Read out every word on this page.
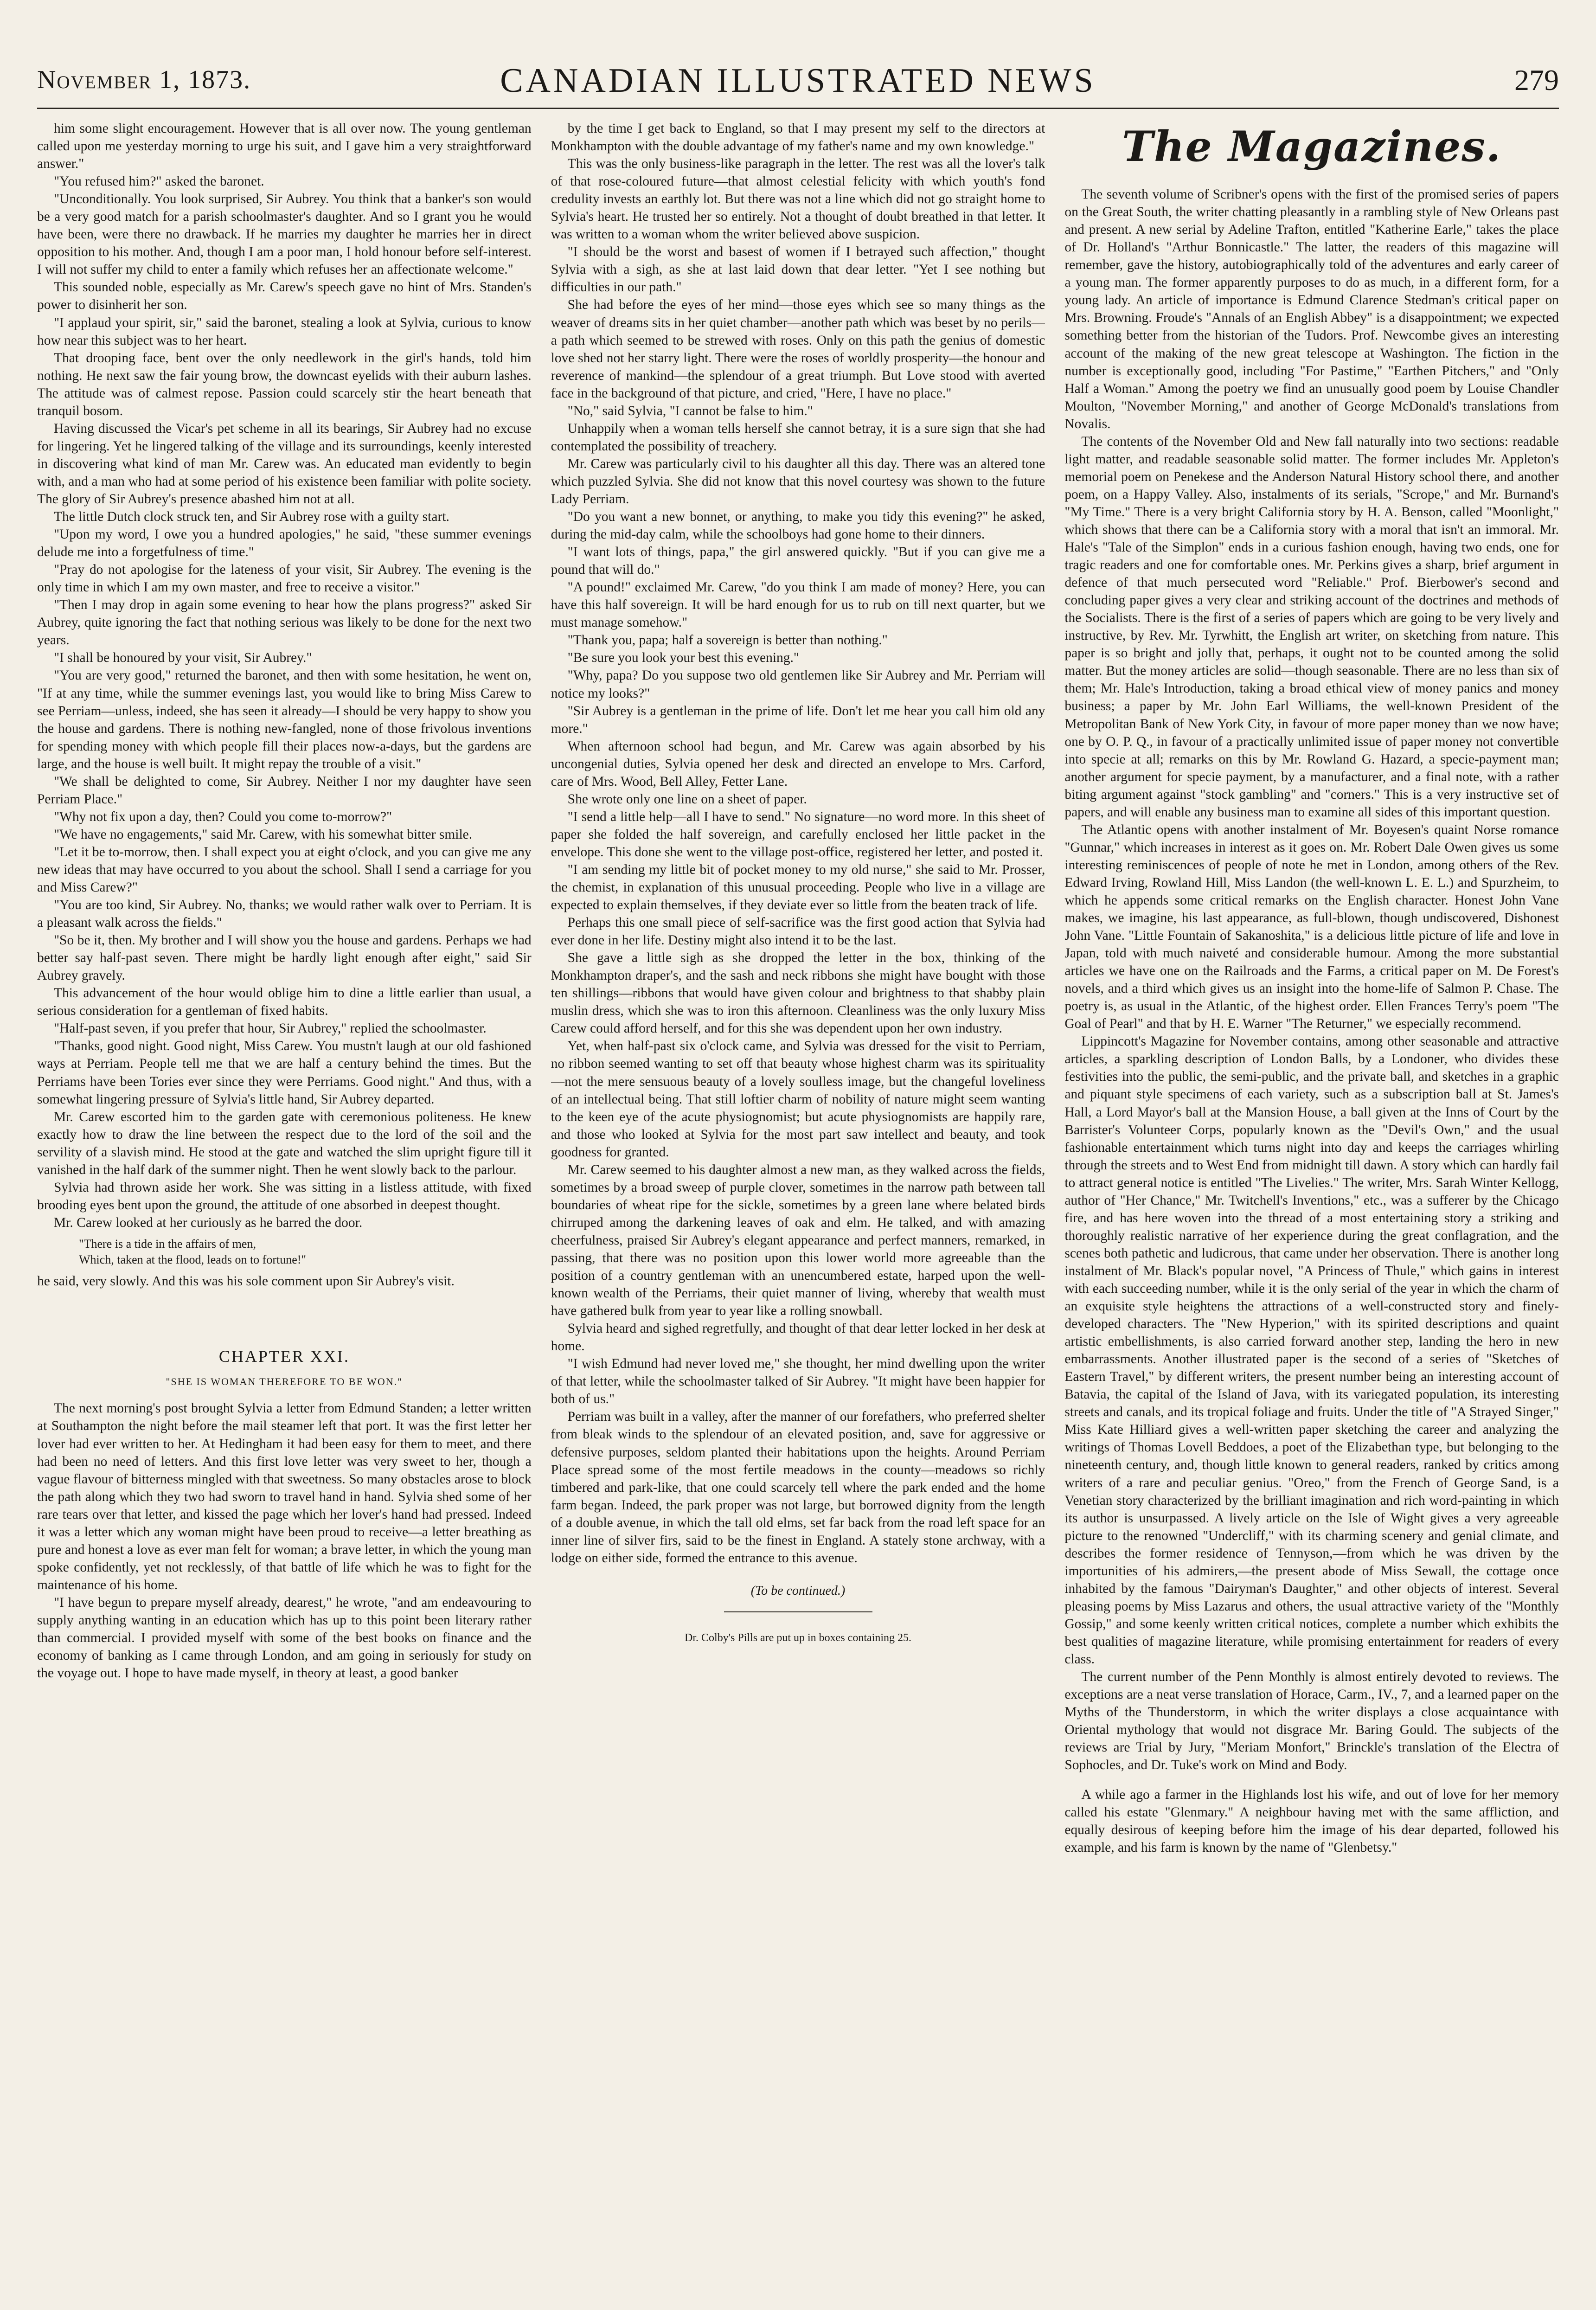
November 1, 1873.	CANADIAN ILLUSTRATED NEWS	279

him some slight encouragement. However that is all over now. The young gentleman called upon me yesterday morning to urge his suit, and I gave him a very straightforward answer."

"You refused him?" asked the baronet.

"Unconditionally. You look surprised, Sir Aubrey. You think that a banker's son would be a very good match for a parish schoolmaster's daughter. And so I grant you he would have been, were there no drawback. If he marries my daughter he marries her in direct opposition to his mother. And, though I am a poor man, I hold honour before self-interest. I will not suffer my child to enter a family which refuses her an affectionate welcome."

This sounded noble, especially as Mr. Carew's speech gave no hint of Mrs. Standen's power to disinherit her son.

"I applaud your spirit, sir," said the baronet, stealing a look at Sylvia, curious to know how near this subject was to her heart.

That drooping face, bent over the only needlework in the girl's hands, told him nothing. He next saw the fair young brow, the downcast eyelids with their auburn lashes. The attitude was of calmest repose. Passion could scarcely stir the heart beneath that tranquil bosom.

Having discussed the Vicar's pet scheme in all its bearings, Sir Aubrey had no excuse for lingering. Yet he lingered talking of the village and its surroundings, keenly interested in discovering what kind of man Mr. Carew was. An educated man evidently to begin with, and a man who had at some period of his existence been familiar with polite society. The glory of Sir Aubrey's presence abashed him not at all.

The little Dutch clock struck ten, and Sir Aubrey rose with a guilty start.

"Upon my word, I owe you a hundred apologies," he said, "these summer evenings delude me into a forgetfulness of time."

"Pray do not apologise for the lateness of your visit, Sir Aubrey. The evening is the only time in which I am my own master, and free to receive a visitor."

"Then I may drop in again some evening to hear how the plans progress?" asked Sir Aubrey, quite ignoring the fact that nothing serious was likely to be done for the next two years.

"I shall be honoured by your visit, Sir Aubrey."

"You are very good," returned the baronet, and then with some hesitation, he went on, "If at any time, while the summer evenings last, you would like to bring Miss Carew to see Perriam—unless, indeed, she has seen it already—I should be very happy to show you the house and gardens. There is nothing new-fangled, none of those frivolous inventions for spending money with which people fill their places now-a-days, but the gardens are large, and the house is well built. It might repay the trouble of a visit."

"We shall be delighted to come, Sir Aubrey. Neither I nor my daughter have seen Perriam Place."

"Why not fix upon a day, then? Could you come to-morrow?"

"We have no engagements," said Mr. Carew, with his somewhat bitter smile.

"Let it be to-morrow, then. I shall expect you at eight o'clock, and you can give me any new ideas that may have occurred to you about the school. Shall I send a carriage for you and Miss Carew?"

"You are too kind, Sir Aubrey. No, thanks; we would rather walk over to Perriam. It is a pleasant walk across the fields."

"So be it, then. My brother and I will show you the house and gardens. Perhaps we had better say half-past seven. There might be hardly light enough after eight," said Sir Aubrey gravely.

This advancement of the hour would oblige him to dine a little earlier than usual, a serious consideration for a gentleman of fixed habits.

"Half-past seven, if you prefer that hour, Sir Aubrey," replied the schoolmaster.

"Thanks, good night. Good night, Miss Carew. You mustn't laugh at our old fashioned ways at Perriam. People tell me that we are half a century behind the times. But the Perriams have been Tories ever since they were Perriams. Good night." And thus, with a somewhat lingering pressure of Sylvia's little hand, Sir Aubrey departed.

Mr. Carew escorted him to the garden gate with ceremonious politeness. He knew exactly how to draw the line between the respect due to the lord of the soil and the servility of a slavish mind. He stood at the gate and watched the slim upright figure till it vanished in the half dark of the summer night. Then he went slowly back to the parlour.

Sylvia had thrown aside her work. She was sitting in a listless attitude, with fixed brooding eyes bent upon the ground, the attitude of one absorbed in deepest thought.

Mr. Carew looked at her curiously as he barred the door.

"There is a tide in the affairs of men,
Which, taken at the flood, leads on to fortune!"

he said, very slowly. And this was his sole comment upon Sir Aubrey's visit.

CHAPTER XXI.
"SHE IS WOMAN THEREFORE TO BE WON."

The next morning's post brought Sylvia a letter from Edmund Standen; a letter written at Southampton the night before the mail steamer left that port. It was the first letter her lover had ever written to her. At Hedingham it had been easy for them to meet, and there had been no need of letters. And this first love letter was very sweet to her, though a vague flavour of bitterness mingled with that sweetness. So many obstacles arose to block the path along which they two had sworn to travel hand in hand. Sylvia shed some of her rare tears over that letter, and kissed the page which her lover's hand had pressed. Indeed it was a letter which any woman might have been proud to receive—a letter breathing as pure and honest a love as ever man felt for woman; a brave letter, in which the young man spoke confidently, yet not recklessly, of that battle of life which he was to fight for the maintenance of his home.

"I have begun to prepare myself already, dearest," he wrote, "and am endeavouring to supply anything wanting in an education which has up to this point been literary rather than commercial. I provided myself with some of the best books on finance and the economy of banking as I came through London, and am going in seriously for study on the voyage out. I hope to have made myself, in theory at least, a good banker

by the time I get back to England, so that I may present my self to the directors at Monkhampton with the double advantage of my father's name and my own knowledge."

This was the only business-like paragraph in the letter. The rest was all the lover's talk of that rose-coloured future—that almost celestial felicity with which youth's fond credulity invests an earthly lot. But there was not a line which did not go straight home to Sylvia's heart. He trusted her so entirely. Not a thought of doubt breathed in that letter. It was written to a woman whom the writer believed above suspicion.

"I should be the worst and basest of women if I betrayed such affection," thought Sylvia with a sigh, as she at last laid down that dear letter. "Yet I see nothing but difficulties in our path."

She had before the eyes of her mind—those eyes which see so many things as the weaver of dreams sits in her quiet chamber—another path which was beset by no perils—a path which seemed to be strewed with roses. Only on this path the genius of domestic love shed not her starry light. There were the roses of worldly prosperity—the honour and reverence of mankind—the splendour of a great triumph. But Love stood with averted face in the background of that picture, and cried, "Here, I have no place."

"No," said Sylvia, "I cannot be false to him."

Unhappily when a woman tells herself she cannot betray, it is a sure sign that she had contemplated the possibility of treachery.

Mr. Carew was particularly civil to his daughter all this day. There was an altered tone which puzzled Sylvia. She did not know that this novel courtesy was shown to the future Lady Perriam.

"Do you want a new bonnet, or anything, to make you tidy this evening?" he asked, during the mid-day calm, while the schoolboys had gone home to their dinners.

"I want lots of things, papa," the girl answered quickly. "But if you can give me a pound that will do."

"A pound!" exclaimed Mr. Carew, "do you think I am made of money? Here, you can have this half sovereign. It will be hard enough for us to rub on till next quarter, but we must manage somehow."

"Thank you, papa; half a sovereign is better than nothing."

"Be sure you look your best this evening."

"Why, papa? Do you suppose two old gentlemen like Sir Aubrey and Mr. Perriam will notice my looks?"

"Sir Aubrey is a gentleman in the prime of life. Don't let me hear you call him old any more."

When afternoon school had begun, and Mr. Carew was again absorbed by his uncongenial duties, Sylvia opened her desk and directed an envelope to Mrs. Carford, care of Mrs. Wood, Bell Alley, Fetter Lane.

She wrote only one line on a sheet of paper.

"I send a little help—all I have to send." No signature—no word more. In this sheet of paper she folded the half sovereign, and carefully enclosed her little packet in the envelope. This done she went to the village post-office, registered her letter, and posted it.

"I am sending my little bit of pocket money to my old nurse," she said to Mr. Prosser, the chemist, in explanation of this unusual proceeding. People who live in a village are expected to explain themselves, if they deviate ever so little from the beaten track of life.

Perhaps this one small piece of self-sacrifice was the first good action that Sylvia had ever done in her life. Destiny might also intend it to be the last.

She gave a little sigh as she dropped the letter in the box, thinking of the Monkhampton draper's, and the sash and neck ribbons she might have bought with those ten shillings—ribbons that would have given colour and brightness to that shabby plain muslin dress, which she was to iron this afternoon. Cleanliness was the only luxury Miss Carew could afford herself, and for this she was dependent upon her own industry.

Yet, when half-past six o'clock came, and Sylvia was dressed for the visit to Perriam, no ribbon seemed wanting to set off that beauty whose highest charm was its spirituality—not the mere sensuous beauty of a lovely soulless image, but the changeful loveliness of an intellectual being. That still loftier charm of nobility of nature might seem wanting to the keen eye of the acute physiognomist; but acute physiognomists are happily rare, and those who looked at Sylvia for the most part saw intellect and beauty, and took goodness for granted.

Mr. Carew seemed to his daughter almost a new man, as they walked across the fields, sometimes by a broad sweep of purple clover, sometimes in the narrow path between tall boundaries of wheat ripe for the sickle, sometimes by a green lane where belated birds chirruped among the darkening leaves of oak and elm. He talked, and with amazing cheerfulness, praised Sir Aubrey's elegant appearance and perfect manners, remarked, in passing, that there was no position upon this lower world more agreeable than the position of a country gentleman with an unencumbered estate, harped upon the well-known wealth of the Perriams, their quiet manner of living, whereby that wealth must have gathered bulk from year to year like a rolling snowball.

Sylvia heard and sighed regretfully, and thought of that dear letter locked in her desk at home.

"I wish Edmund had never loved me," she thought, her mind dwelling upon the writer of that letter, while the schoolmaster talked of Sir Aubrey. "It might have been happier for both of us."

Perriam was built in a valley, after the manner of our forefathers, who preferred shelter from bleak winds to the splendour of an elevated position, and, save for aggressive or defensive purposes, seldom planted their habitations upon the heights. Around Perriam Place spread some of the most fertile meadows in the county—meadows so richly timbered and park-like, that one could scarcely tell where the park ended and the home farm began. Indeed, the park proper was not large, but borrowed dignity from the length of a double avenue, in which the tall old elms, set far back from the road left space for an inner line of silver firs, said to be the finest in England. A stately stone archway, with a lodge on either side, formed the entrance to this avenue.

(To be continued.)
Dr. Colby's Pills are put up in boxes containing 25.
The Magazines.

The seventh volume of Scribner's opens with the first of the promised series of papers on the Great South, the writer chatting pleasantly in a rambling style of New Orleans past and present. A new serial by Adeline Trafton, entitled "Katherine Earle," takes the place of Dr. Holland's "Arthur Bonnicastle." The latter, the readers of this magazine will remember, gave the history, autobiographically told of the adventures and early career of a young man. The former apparently purposes to do as much, in a different form, for a young lady. An article of importance is Edmund Clarence Stedman's critical paper on Mrs. Browning. Froude's "Annals of an English Abbey" is a disappointment; we expected something better from the historian of the Tudors. Prof. Newcombe gives an interesting account of the making of the new great telescope at Washington. The fiction in the number is exceptionally good, including "For Pastime," "Earthen Pitchers," and "Only Half a Woman." Among the poetry we find an unusually good poem by Louise Chandler Moulton, "November Morning," and another of George McDonald's translations from Novalis.

The contents of the November Old and New fall naturally into two sections: readable light matter, and readable seasonable solid matter. The former includes Mr. Appleton's memorial poem on Penekese and the Anderson Natural History school there, and another poem, on a Happy Valley. Also, instalments of its serials, "Scrope," and Mr. Burnand's "My Time." There is a very bright California story by H. A. Benson, called "Moonlight," which shows that there can be a California story with a moral that isn't an immoral. Mr. Hale's "Tale of the Simplon" ends in a curious fashion enough, having two ends, one for tragic readers and one for comfortable ones. Mr. Perkins gives a sharp, brief argument in defence of that much persecuted word "Reliable." Prof. Bierbower's second and concluding paper gives a very clear and striking account of the doctrines and methods of the Socialists. There is the first of a series of papers which are going to be very lively and instructive, by Rev. Mr. Tyrwhitt, the English art writer, on sketching from nature. This paper is so bright and jolly that, perhaps, it ought not to be counted among the solid matter. But the money articles are solid—though seasonable. There are no less than six of them; Mr. Hale's Introduction, taking a broad ethical view of money panics and money business; a paper by Mr. John Earl Williams, the well-known President of the Metropolitan Bank of New York City, in favour of more paper money than we now have; one by O. P. Q., in favour of a practically unlimited issue of paper money not convertible into specie at all; remarks on this by Mr. Rowland G. Hazard, a specie-payment man; another argument for specie payment, by a manufacturer, and a final note, with a rather biting argument against "stock gambling" and "corners." This is a very instructive set of papers, and will enable any business man to examine all sides of this important question.

The Atlantic opens with another instalment of Mr. Boyesen's quaint Norse romance "Gunnar," which increases in interest as it goes on. Mr. Robert Dale Owen gives us some interesting reminiscences of people of note he met in London, among others of the Rev. Edward Irving, Rowland Hill, Miss Landon (the well-known L. E. L.) and Spurzheim, to which he appends some critical remarks on the English character. Honest John Vane makes, we imagine, his last appearance, as full-blown, though undiscovered, Dishonest John Vane. "Little Fountain of Sakanoshita," is a delicious little picture of life and love in Japan, told with much naiveté and considerable humour. Among the more substantial articles we have one on the Railroads and the Farms, a critical paper on M. De Forest's novels, and a third which gives us an insight into the home-life of Salmon P. Chase. The poetry is, as usual in the Atlantic, of the highest order. Ellen Frances Terry's poem "The Goal of Pearl" and that by H. E. Warner "The Returner," we especially recommend.

Lippincott's Magazine for November contains, among other seasonable and attractive articles, a sparkling description of London Balls, by a Londoner, who divides these festivities into the public, the semi-public, and the private ball, and sketches in a graphic and piquant style specimens of each variety, such as a subscription ball at St. James's Hall, a Lord Mayor's ball at the Mansion House, a ball given at the Inns of Court by the Barrister's Volunteer Corps, popularly known as the "Devil's Own," and the usual fashionable entertainment which turns night into day and keeps the carriages whirling through the streets and to West End from midnight till dawn. A story which can hardly fail to attract general notice is entitled "The Livelies." The writer, Mrs. Sarah Winter Kellogg, author of "Her Chance," Mr. Twitchell's Inventions," etc., was a sufferer by the Chicago fire, and has here woven into the thread of a most entertaining story a striking and thoroughly realistic narrative of her experience during the great conflagration, and the scenes both pathetic and ludicrous, that came under her observation. There is another long instalment of Mr. Black's popular novel, "A Princess of Thule," which gains in interest with each succeeding number, while it is the only serial of the year in which the charm of an exquisite style heightens the attractions of a well-constructed story and finely-developed characters. The "New Hyperion," with its spirited descriptions and quaint artistic embellishments, is also carried forward another step, landing the hero in new embarrassments. Another illustrated paper is the second of a series of "Sketches of Eastern Travel," by different writers, the present number being an interesting account of Batavia, the capital of the Island of Java, with its variegated population, its interesting streets and canals, and its tropical foliage and fruits. Under the title of "A Strayed Singer," Miss Kate Hilliard gives a well-written paper sketching the career and analyzing the writings of Thomas Lovell Beddoes, a poet of the Elizabethan type, but belonging to the nineteenth century, and, though little known to general readers, ranked by critics among writers of a rare and peculiar genius. "Oreo," from the French of George Sand, is a Venetian story characterized by the brilliant imagination and rich word-painting in which its author is unsurpassed. A lively article on the Isle of Wight gives a very agreeable picture to the renowned "Undercliff," with its charming scenery and genial climate, and describes the former residence of Tennyson,—from which he was driven by the importunities of his admirers,—the present abode of Miss Sewall, the cottage once inhabited by the famous "Dairyman's Daughter," and other objects of interest. Several pleasing poems by Miss Lazarus and others, the usual attractive variety of the "Monthly Gossip," and some keenly written critical notices, complete a number which exhibits the best qualities of magazine literature, while promising entertainment for readers of every class.

The current number of the Penn Monthly is almost entirely devoted to reviews. The exceptions are a neat verse translation of Horace, Carm., IV., 7, and a learned paper on the Myths of the Thunderstorm, in which the writer displays a close acquaintance with Oriental mythology that would not disgrace Mr. Baring Gould. The subjects of the reviews are Trial by Jury, "Meriam Monfort," Brinckle's translation of the Electra of Sophocles, and Dr. Tuke's work on Mind and Body.

A while ago a farmer in the Highlands lost his wife, and out of love for her memory called his estate "Glenmary." A neighbour having met with the same affliction, and equally desirous of keeping before him the image of his dear departed, followed his example, and his farm is known by the name of "Glenbetsy."
